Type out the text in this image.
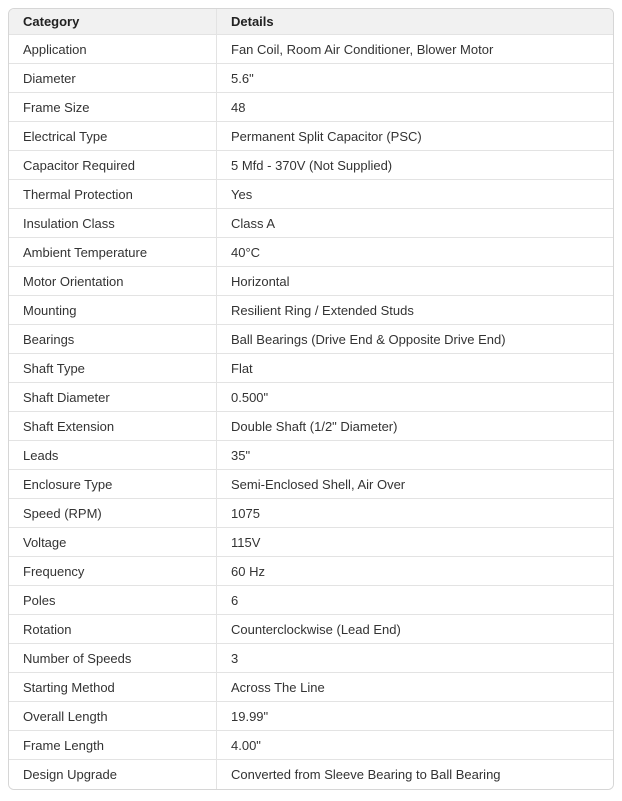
Category	Details
Application	Fan Coil, Room Air Conditioner, Blower Motor
Diameter	5.6"
Frame Size	48
Electrical Type	Permanent Split Capacitor (PSC)
Capacitor Required	5 Mfd - 370V (Not Supplied)
Thermal Protection	Yes
Insulation Class	Class A
Ambient Temperature	40°C
Motor Orientation	Horizontal
Mounting	Resilient Ring / Extended Studs
Bearings	Ball Bearings (Drive End & Opposite Drive End)
Shaft Type	Flat
Shaft Diameter	0.500"
Shaft Extension	Double Shaft (1/2" Diameter)
Leads	35"
Enclosure Type	Semi-Enclosed Shell, Air Over
Speed (RPM)	1075
Voltage	115V
Frequency	60 Hz
Poles	6
Rotation	Counterclockwise (Lead End)
Number of Speeds	3
Starting Method	Across The Line
Overall Length	19.99"
Frame Length	4.00"
Design Upgrade	Converted from Sleeve Bearing to Ball Bearing
